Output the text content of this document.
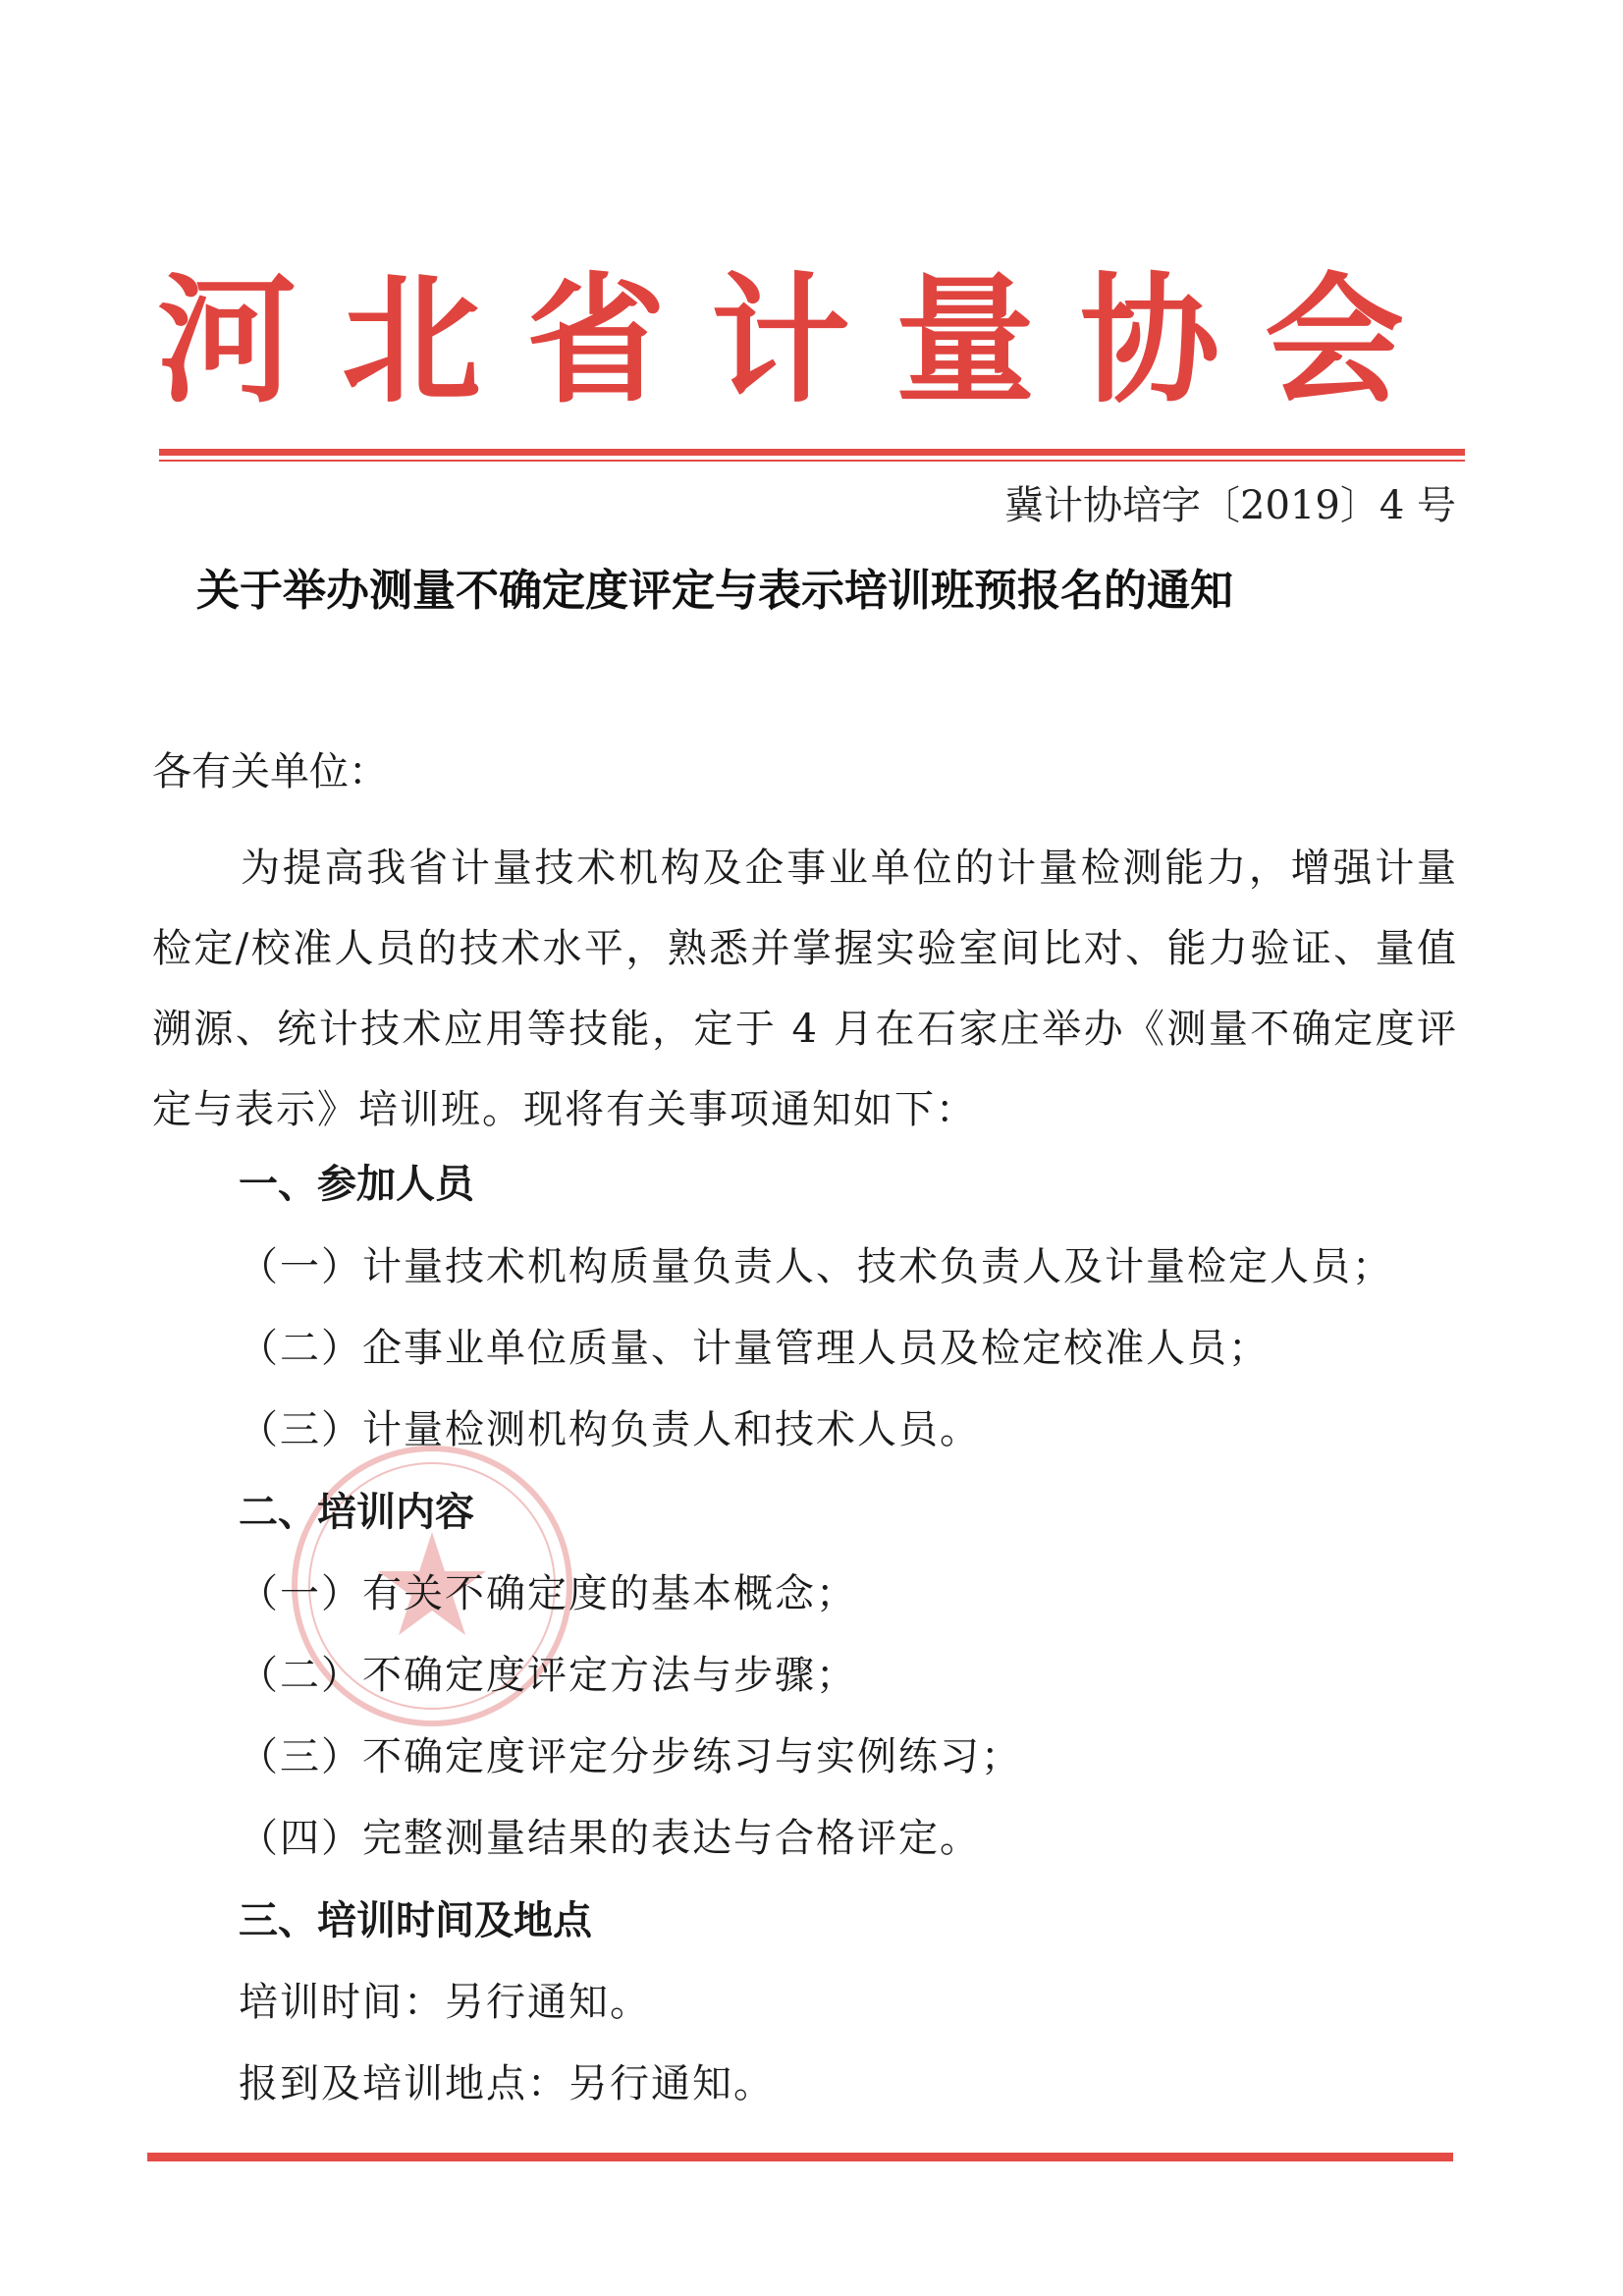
河北省计量协会
冀计协培字〔2019〕4 号
关于举办测量不确定度评定与表示培训班预报名的通知
各有关单位：
为提高我省计量技术机构及企事业单位的计量检测能力，增强计量检定/校准人员的技术水平，熟悉并掌握实验室间比对、能力验证、量值溯源、统计技术应用等技能，定于 4 月在石家庄举办《测量不确定度评定与表示》培训班。现将有关事项通知如下：
一、参加人员
（一）计量技术机构质量负责人、技术负责人及计量检定人员；
（二）企事业单位质量、计量管理人员及检定校准人员；
（三）计量检测机构负责人和技术人员。
二、培训内容
（一）有关不确定度的基本概念；
（二）不确定度评定方法与步骤；
（三）不确定度评定分步练习与实例练习；
（四）完整测量结果的表达与合格评定。
三、培训时间及地点
培训时间：另行通知。
报到及培训地点：另行通知。
